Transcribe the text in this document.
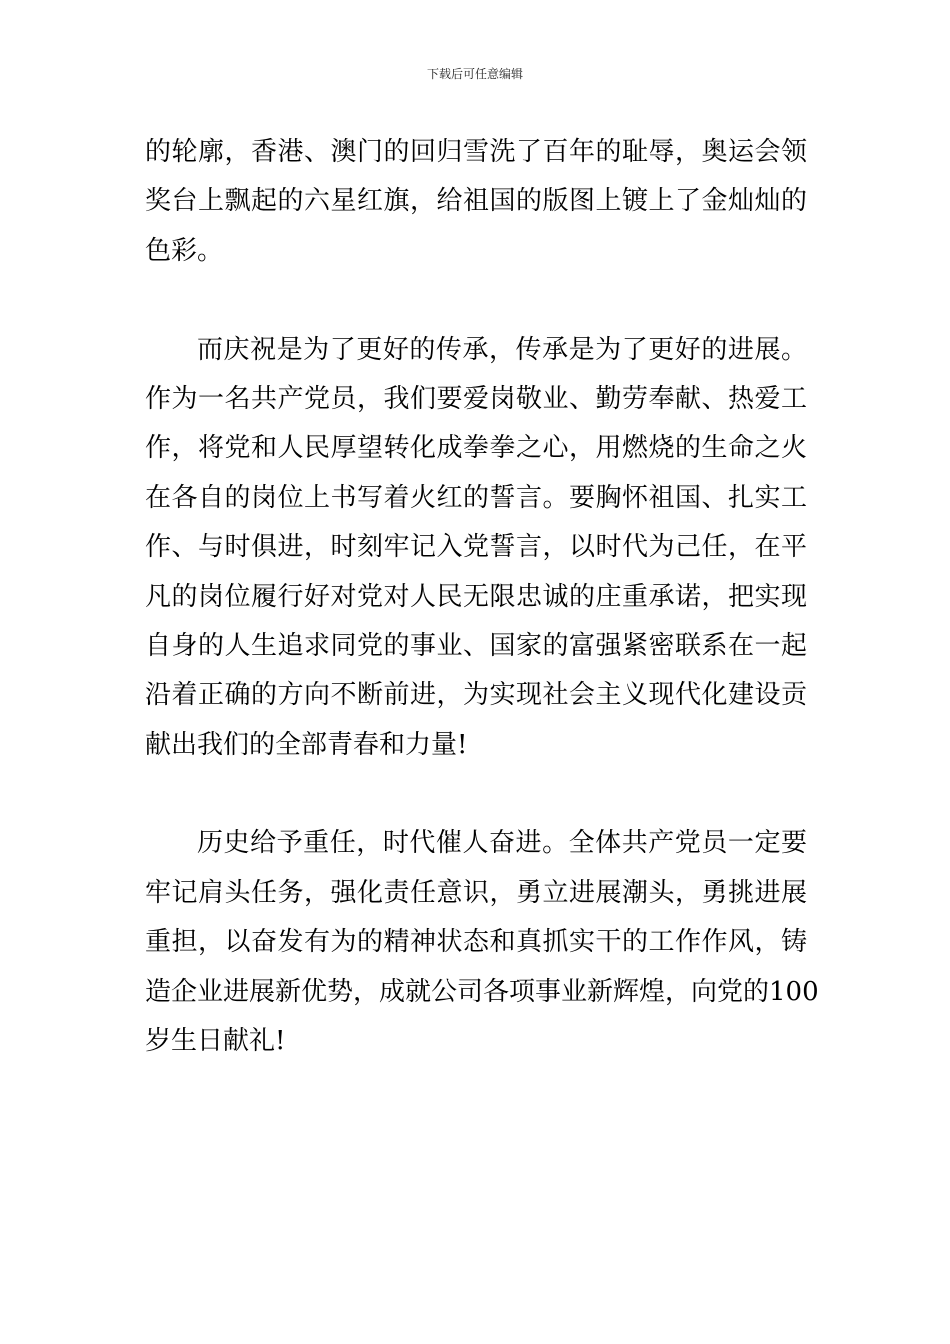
下载后可任意编辑

的轮廓，香港、澳门的回归雪洗了百年的耻辱，奥运会领
奖台上飘起的六星红旗，给祖国的版图上镀上了金灿灿的
色彩。

而庆祝是为了更好的传承，传承是为了更好的进展。
作为一名共产党员，我们要爱岗敬业、勤劳奉献、热爱工
作，将党和人民厚望转化成拳拳之心，用燃烧的生命之火
在各自的岗位上书写着火红的誓言。要胸怀祖国、扎实工
作、与时俱进，时刻牢记入党誓言，以时代为己任，在平
凡的岗位履行好对党对人民无限忠诚的庄重承诺，把实现
自身的人生追求同党的事业、国家的富强紧密联系在一起
沿着正确的方向不断前进，为实现社会主义现代化建设贡
献出我们的全部青春和力量!

历史给予重任，时代催人奋进。全体共产党员一定要
牢记肩头任务，强化责任意识，勇立进展潮头，勇挑进展
重担，以奋发有为的精神状态和真抓实干的工作作风，铸
造企业进展新优势，成就公司各项事业新辉煌，向党的100
岁生日献礼!
